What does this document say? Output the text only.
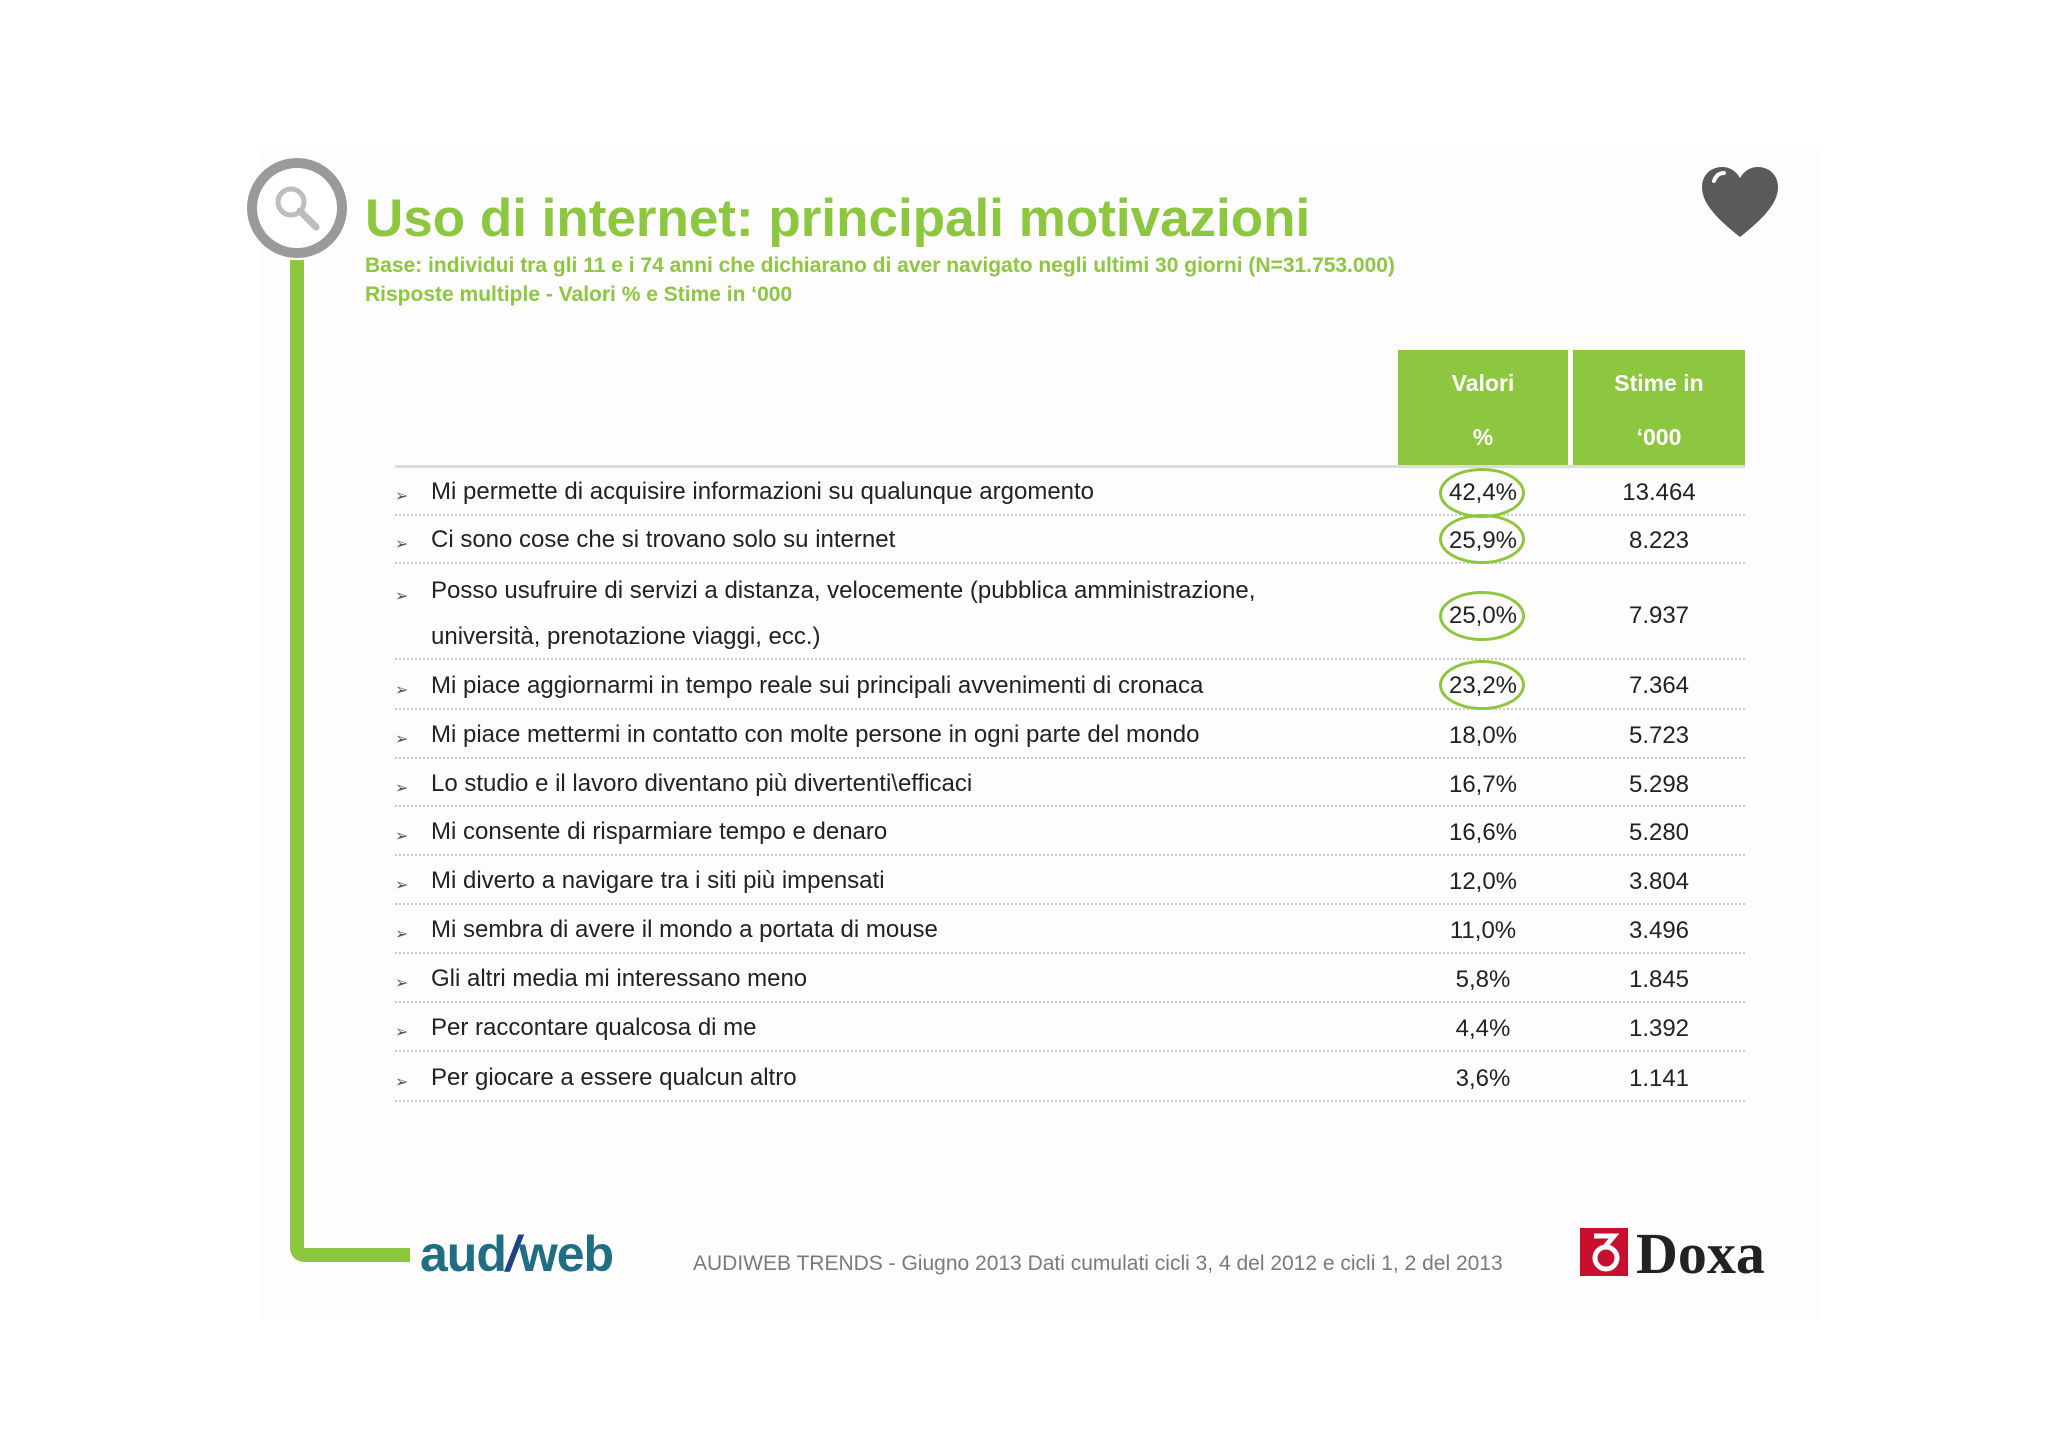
Uso di internet: principali motivazioni
Base: individui tra gli 11 e i 74 anni che dichiarano di aver navigato negli ultimi 30 giorni (N=31.753.000)
Risposte multiple - Valori % e Stime in ‘000
Valori
%
Stime in
‘000
➢ Mi permette di acquisire informazioni su qualunque argomento	42,4%	13.464
➢ Ci sono cose che si trovano solo su internet	25,9%	8.223
➢ Posso usufruire di servizi a distanza, velocemente (pubblica amministrazione,
università, prenotazione viaggi, ecc.)
25,0%	7.937
➢ Mi piace aggiornarmi in tempo reale sui principali avvenimenti di cronaca	23,2%	7.364
➢ Mi piace mettermi in contatto con molte persone in ogni parte del mondo	18,0%	5.723
➢ Lo studio e il lavoro diventano più divertenti\efficaci	16,7%	5.298
➢ Mi consente di risparmiare tempo e denaro	16,6%	5.280
➢ Mi diverto a navigare tra i siti più impensati	12,0%	3.804
➢ Mi sembra di avere il mondo a portata di mouse	11,0%	3.496
➢ Gli altri media mi interessano meno	5,8%	1.845
➢ Per raccontare qualcosa di me	4,4%	1.392
➢ Per giocare a essere qualcun altro	3,6%	1.141
aud/web	AUDIWEB TRENDS - Giugno 2013 Dati cumulati cicli 3, 4 del 2012 e cicli 1, 2 del 2013 Doxa
